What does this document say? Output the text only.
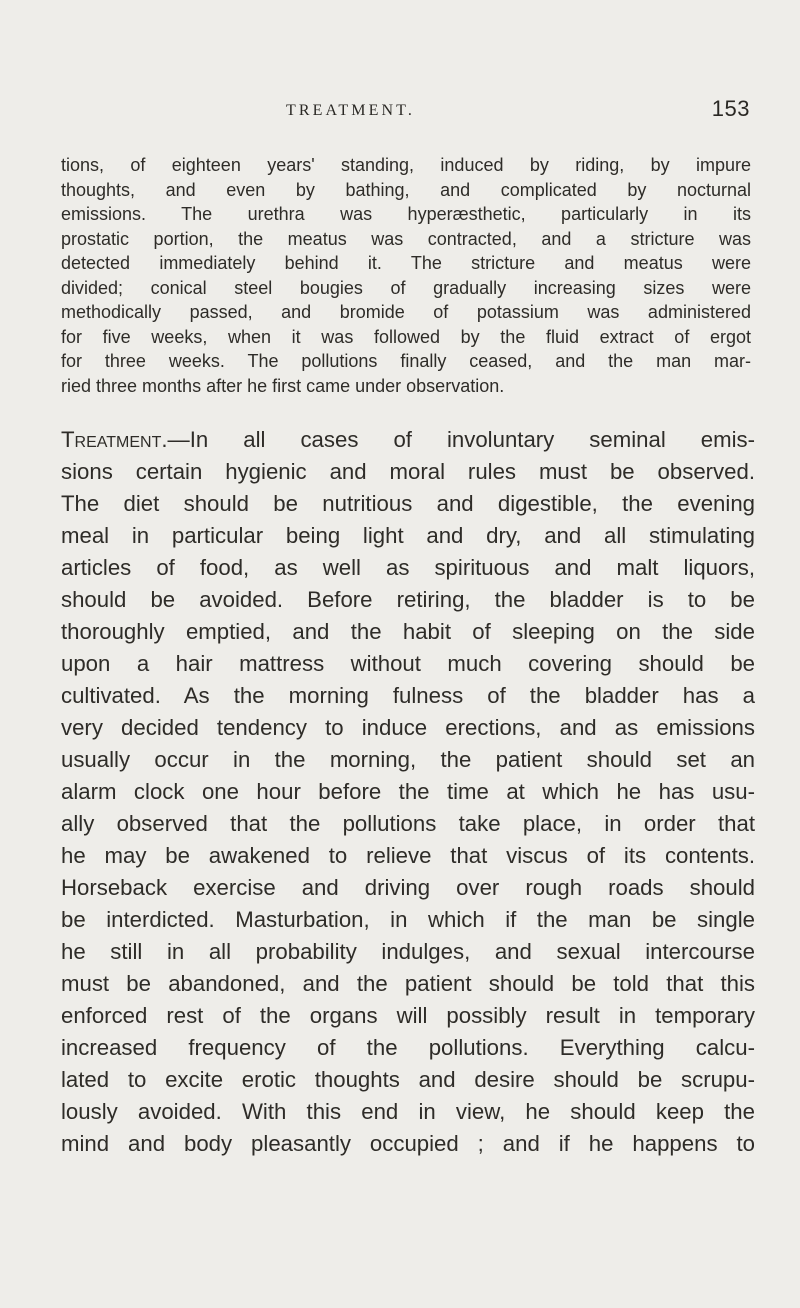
TREATMENT.	153
tions, of eighteen years' standing, induced by riding, by impure
thoughts, and even by bathing, and complicated by nocturnal
emissions. The urethra was hyperæsthetic, particularly in its
prostatic portion, the meatus was contracted, and a stricture was
detected immediately behind it. The stricture and meatus were
divided; conical steel bougies of gradually increasing sizes were
methodically passed, and bromide of potassium was administered
for five weeks, when it was followed by the fluid extract of ergot
for three weeks. The pollutions finally ceased, and the man mar-
ried three months after he first came under observation.
Treatment.—In all cases of involuntary seminal emis-
sions certain hygienic and moral rules must be observed.
The diet should be nutritious and digestible, the evening
meal in particular being light and dry, and all stimulating
articles of food, as well as spirituous and malt liquors,
should be avoided. Before retiring, the bladder is to be
thoroughly emptied, and the habit of sleeping on the side
upon a hair mattress without much covering should be
cultivated. As the morning fulness of the bladder has a
very decided tendency to induce erections, and as emissions
usually occur in the morning, the patient should set an
alarm clock one hour before the time at which he has usu-
ally observed that the pollutions take place, in order that
he may be awakened to relieve that viscus of its contents.
Horseback exercise and driving over rough roads should
be interdicted. Masturbation, in which if the man be single
he still in all probability indulges, and sexual intercourse
must be abandoned, and the patient should be told that this
enforced rest of the organs will possibly result in temporary
increased frequency of the pollutions. Everything calcu-
lated to excite erotic thoughts and desire should be scrupu-
lously avoided. With this end in view, he should keep the
mind and body pleasantly occupied ; and if he happens to
